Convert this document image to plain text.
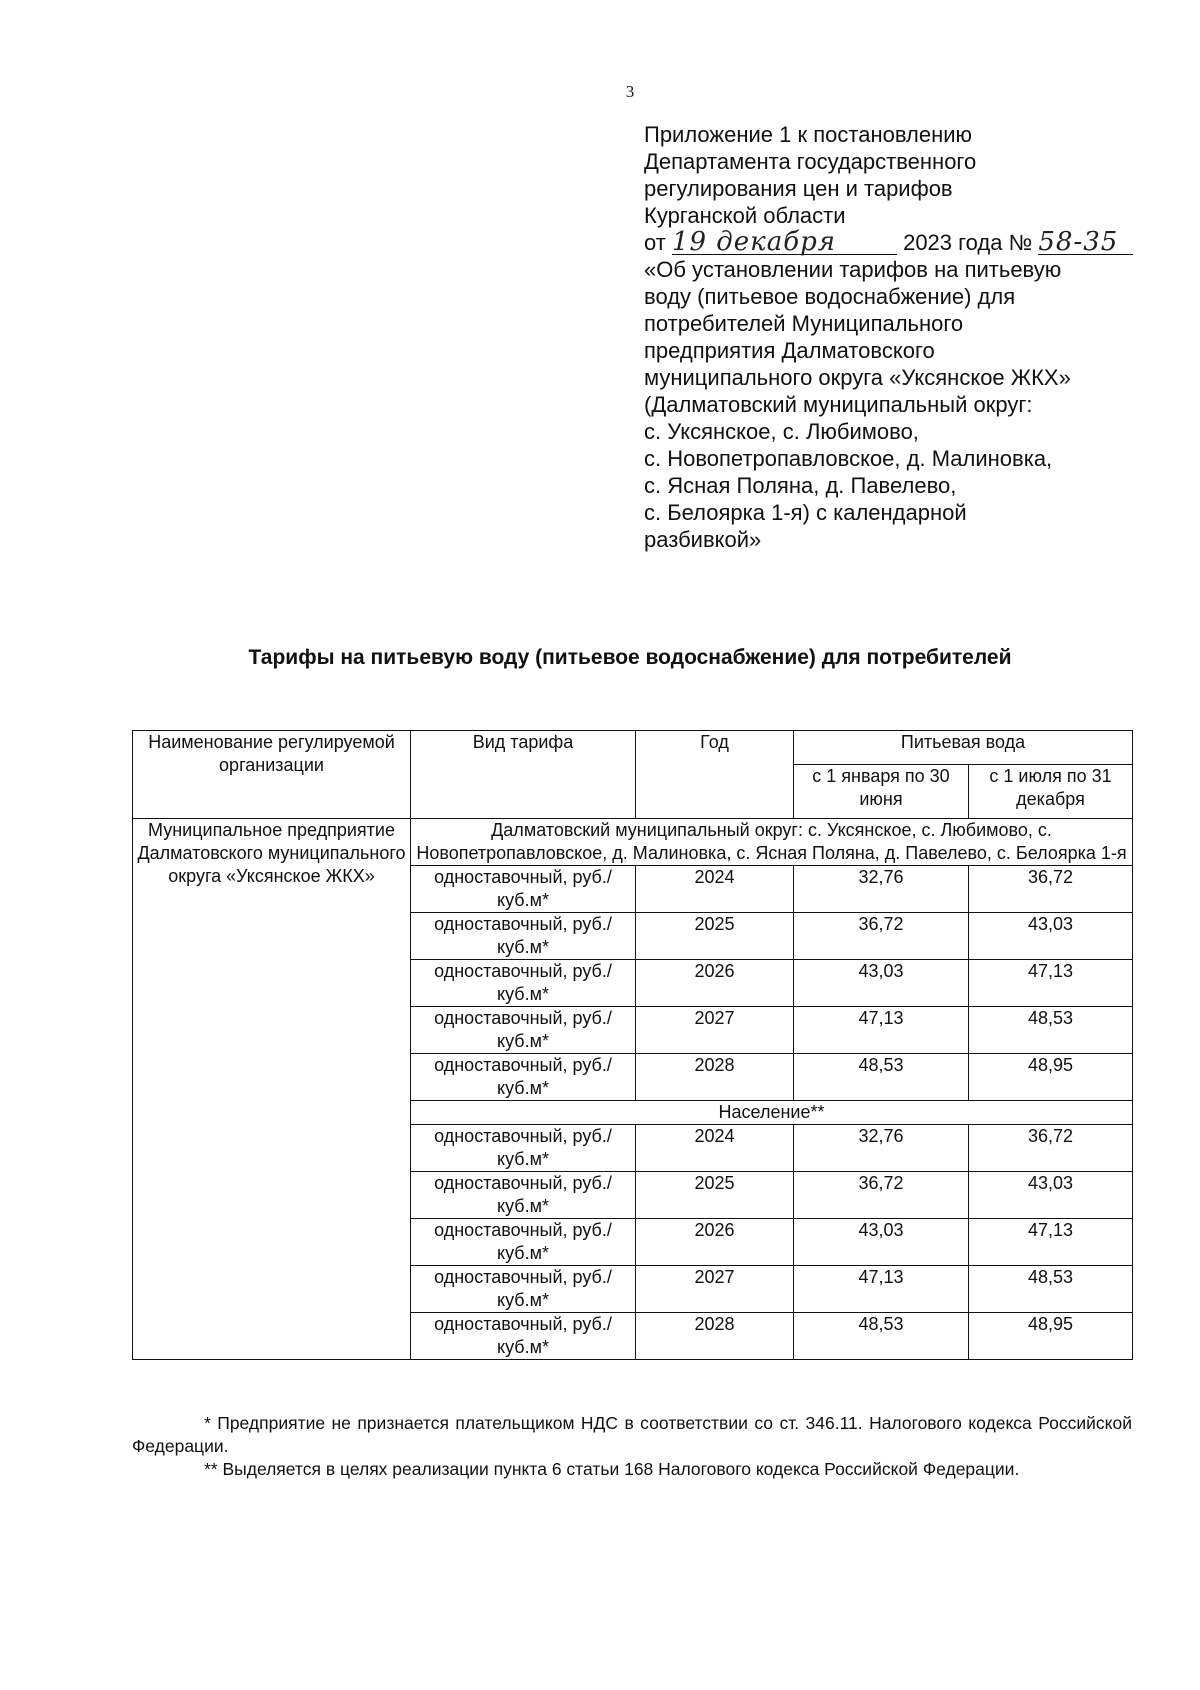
3
Приложение 1 к постановлению
Департамента государственного
регулирования цен и тарифов
Курганской области
от 19 декабря	2023 года № 58-35
«Об установлении тарифов на питьевую
воду (питьевое водоснабжение) для
потребителей Муниципального
предприятия Далматовского
муниципального округа «Уксянское ЖКХ»
(Далматовский муниципальный округ:
с. Уксянское, с. Любимово,
с. Новопетропавловское, д. Малиновка,
с. Ясная Поляна, д. Павелево,
с. Белоярка 1-я) с календарной
разбивкой»
Тарифы на питьевую воду (питьевое водоснабжение) для потребителей
Наименование регулируемой организации	Вид тарифа	Год	Питьевая вода	
			с 1 января по 30 июня	с 1 июля по 31 декабря
Муниципальное предприятие Далматовского муниципального округа «Уксянское ЖКХ»	Далматовский муниципальный округ: с. Уксянское, с. Любимово, с. Новопетропавловское, д. Малиновка, с. Ясная Поляна, д. Павелево, с. Белоярка 1-я			
	одноставочный, руб./куб.м*	2024	32,76	36,72
	одноставочный, руб./куб.м*	2025	36,72	43,03
	одноставочный, руб./куб.м*	2026	43,03	47,13
	одноставочный, руб./куб.м*	2027	47,13	48,53
	одноставочный, руб./куб.м*	2028	48,53	48,95
	Население**			
	одноставочный, руб./куб.м*	2024	32,76	36,72
	одноставочный, руб./куб.м*	2025	36,72	43,03
	одноставочный, руб./куб.м*	2026	43,03	47,13
	одноставочный, руб./куб.м*	2027	47,13	48,53
	одноставочный, руб./куб.м*	2028	48,53	48,95

* Предприятие не признается плательщиком НДС в соответствии со ст. 346.11. Налогового кодекса Российской Федерации.

** Выделяется в целях реализации пункта 6 статьи 168 Налогового кодекса Российской Федерации.
